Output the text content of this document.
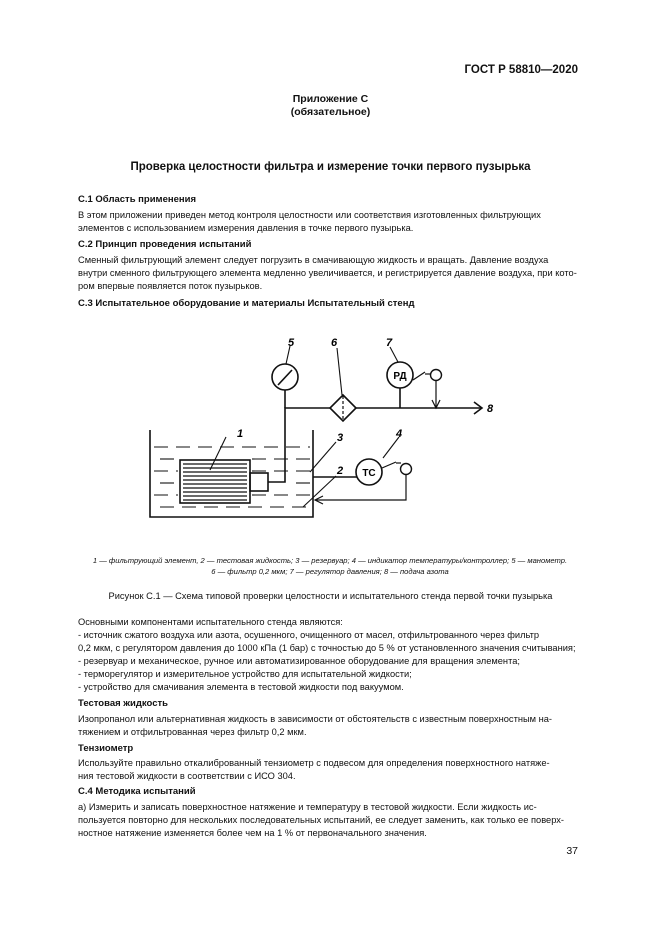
ГОСТ Р 58810—2020
Приложение С
(обязательное)
Проверка целостности фильтра и измерение точки первого пузырька
С.1 Область применения
В этом приложении приведен метод контроля целостности или соответствия изготовленных фильтрующих
элементов с использованием измерения давления в точке первого пузырька.
С.2 Принцип проведения испытаний
Сменный фильтрующий элемент следует погрузить в смачивающую жидкость и вращать. Давление воздуха
внутри сменного фильтрующего элемента медленно увеличивается, и регистрируется давление воздуха, при кото-
ром впервые появляется поток пузырьков.
С.3 Испытательное оборудование и материалы Испытательный стенд
РД
ТС
1
2
3	4
5	6	7
8
1 — фильтрующий элемент, 2 — тестовая жидкость; 3 — резервуар; 4 — индикатор температуры/контроллер; 5 — манометр.
6 — фильтр 0,2 мкм; 7 — регулятор давления; 8 — подача азота
Рисунок С.1 — Схема типовой проверки целостности и испытательного стенда первой точки пузырька
Основными компонентами испытательного стенда являются:
- источник сжатого воздуха или азота, осушенного, очищенного от масел, отфильтрованного через фильтр
0,2 мкм, с регулятором давления до 1000 кПа (1 бар) с точностью до 5 % от установленного значения считывания;
- резервуар и механическое, ручное или автоматизированное оборудование для вращения элемента;
- терморегулятор и измерительное устройство для испытательной жидкости;
- устройство для смачивания элемента в тестовой жидкости под вакуумом.
Тестовая жидкость
Изопропанол или альтернативная жидкость в зависимости от обстоятельств с известным поверхностным на-
тяжением и отфильтрованная через фильтр 0,2 мкм.
Тензиометр
Используйте правильно откалиброванный тензиометр с подвесом для определения поверхностного натяже-
ния тестовой жидкости в соответствии с ИСО 304.
С.4 Методика испытаний
а) Измерить и записать поверхностное натяжение и температуру в тестовой жидкости. Если жидкость ис-
пользуется повторно для нескольких последовательных испытаний, ее следует заменить, как только ее поверх-
ностное натяжение изменяется более чем на 1 % от первоначального значения.
37
